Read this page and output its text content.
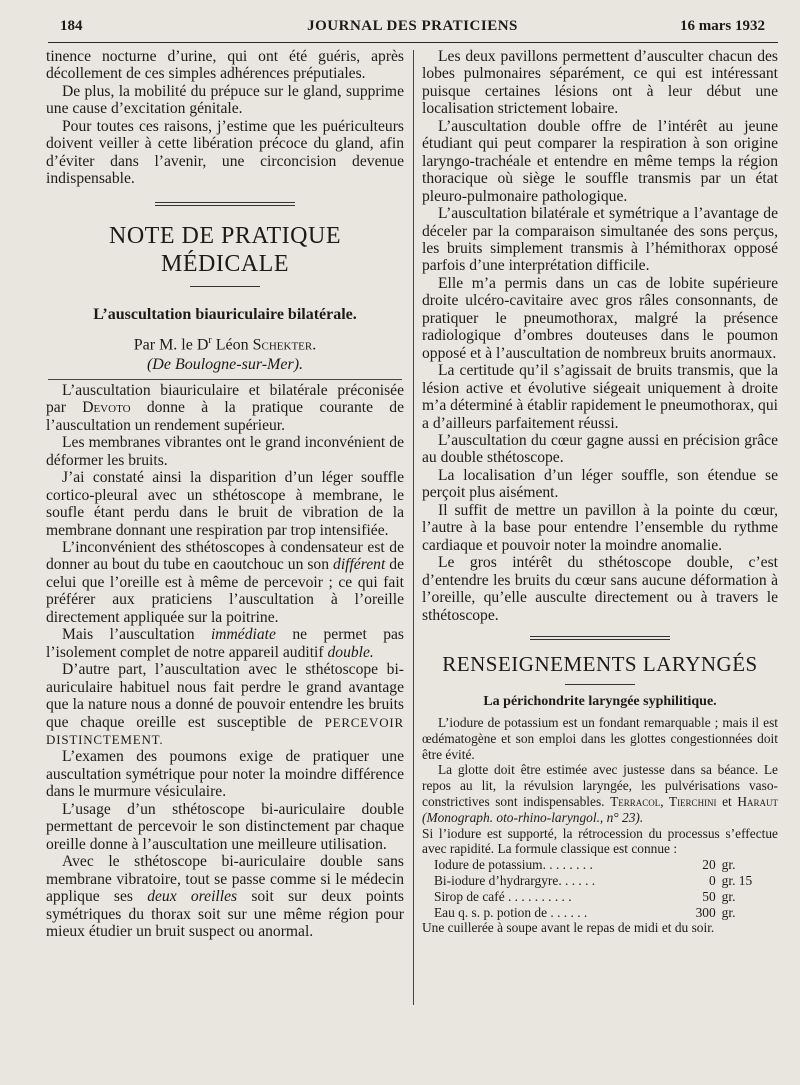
184	JOURNAL DES PRATICIENS	16 mars 1932

tinence nocturne d’urine, qui ont été guéris, après décollement de ces simples adhérences préputiales.

De plus, la mobilité du prépuce sur le gland, supprime une cause d’excitation génitale.

Pour toutes ces raisons, j’estime que les puériculteurs doivent veiller à cette libération précoce du gland, afin d’éviter dans l’avenir, une circoncision devenue indispensable.

NOTE DE PRATIQUE MÉDICALE
L’auscultation biauriculaire bilatérale.
Par M. le $D^r$ Léon Schekter.
(De Boulogne-sur-Mer).

L’auscultation biauriculaire et bilatérale préconisée par Devoto donne à la pratique courante de l’auscultation un rendement supérieur.

Les membranes vibrantes ont le grand inconvénient de déformer les bruits.

J’ai constaté ainsi la disparition d’un léger souffle cortico-pleural avec un sthétoscope à membrane, le soufle étant perdu dans le bruit de vibration de la membrane donnant une respiration par trop intensifiée.

L’inconvénient des sthétoscopes à condensateur est de donner au bout du tube en caoutchouc un son différent de celui que l’oreille est à même de percevoir ; ce qui fait préférer aux praticiens l’auscultation à l’oreille directement appliquée sur la poitrine.

Mais l’auscultation immédiate ne permet pas l’isolement complet de notre appareil auditif double.

D’autre part, l’auscultation avec le sthétoscope bi-auriculaire habituel nous fait perdre le grand avantage que la nature nous a donné de pouvoir entendre les bruits que chaque oreille est susceptible de PERCEVOIR DISTINCTEMENT.

L’examen des poumons exige de pratiquer une auscultation symétrique pour noter la moindre différence dans le murmure vésiculaire.

L’usage d’un sthétoscope bi-auriculaire double permettant de percevoir le son distinctement par chaque oreille donne à l’auscultation une meilleure utilisation.

Avec le sthétoscope bi-auriculaire double sans membrane vibratoire, tout se passe comme si le médecin applique ses deux oreilles soit sur deux points symétriques du thorax soit sur une même région pour mieux étudier un bruit suspect ou anormal.

Les deux pavillons permettent d’ausculter chacun des lobes pulmonaires séparément, ce qui est intéressant puisque certaines lésions ont à leur début une localisation strictement lobaire.

L’auscultation double offre de l’intérêt au jeune étudiant qui peut comparer la respiration à son origine laryngo-trachéale et entendre en même temps la région thoracique où siège le souffle transmis par un état pleuro-pulmonaire pathologique.

L’auscultation bilatérale et symétrique a l’avantage de déceler par la comparaison simultanée des sons perçus, les bruits simplement transmis à l’hémithorax opposé parfois d’une interprétation difficile.

Elle m’a permis dans un cas de lobite supérieure droite ulcéro-cavitaire avec gros râles consonnants, de pratiquer le pneumothorax, malgré la présence radiologique d’ombres douteuses dans le poumon opposé et à l’auscultation de nombreux bruits anormaux.

La certitude qu’il s’agissait de bruits transmis, que la lésion active et évolutive siégeait uniquement à droite m’a déterminé à établir rapidement le pneumothorax, qui a d’ailleurs parfaitement réussi.

L’auscultation du cœur gagne aussi en précision grâce au double sthétoscope.

La localisation d’un léger souffle, son étendue se perçoit plus aisément.

Il suffit de mettre un pavillon à la pointe du cœur, l’autre à la base pour entendre l’ensemble du rythme cardiaque et pouvoir noter la moindre anomalie.

Le gros intérêt du sthétoscope double, c’est d’entendre les bruits du cœur sans aucune déformation à l’oreille, qu’elle ausculte directement ou à travers le sthétoscope.

RENSEIGNEMENTS LARYNGÉS
La périchondrite laryngée syphilitique.

L’iodure de potassium est un fondant remarquable ; mais il est œdématogène et son emploi dans les glottes congestionnées doit être évité.

La glotte doit être estimée avec justesse dans sa béance. Le repos au lit, la révulsion laryngée, les pulvérisations vaso-constrictives sont indispensables. Terracol, Tierchini et Haraut (Monograph. oto-rhino-laryngol., n° 23).

Si l’iodure est supporté, la rétrocession du processus s’effectue avec rapidité. La formule classique est connue :

Iodure de potassium. . . . . . . .	20	gr.
Bi-iodure d’hydrargyre. . . . . .	0	gr. 15
Sirop de café . . . . . . . . . .	50	gr.
Eau q. s. p. potion de . . . . . .	300	gr.

Une cuillerée à soupe avant le repas de midi et du soir.
